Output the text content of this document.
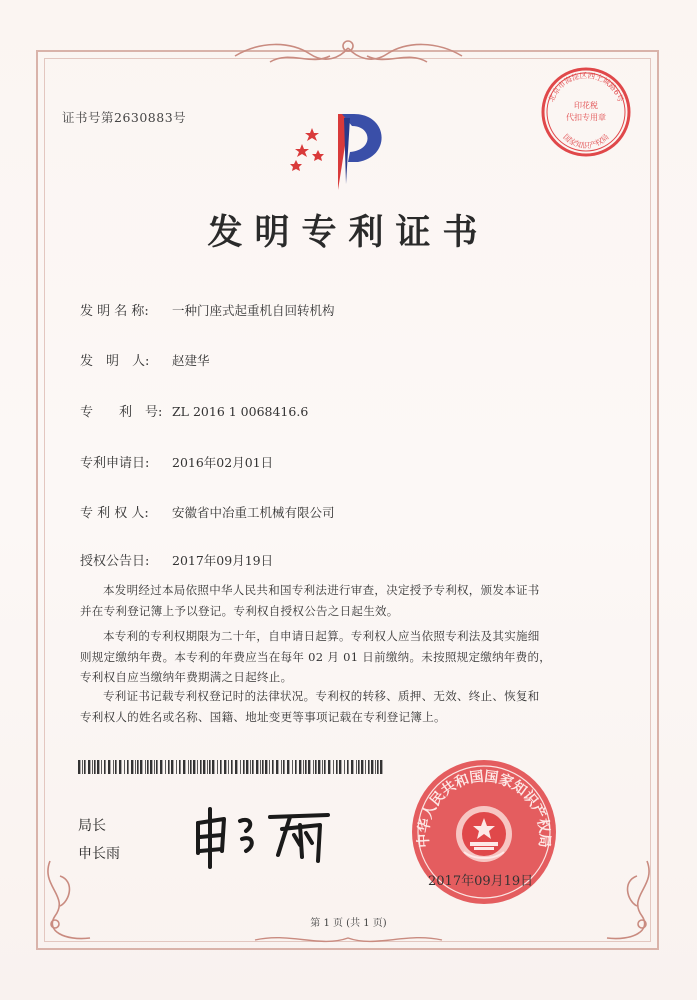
证书号第2630883号
发明专利证书
发 明 名 称: 一种门座式起重机自回转机构
发　明　人: 赵建华
专　　利　号: ZL 2016 1 0068416.6
专利申请日: 2016年02月01日
专 利 权 人: 安徽省中冶重工机械有限公司
授权公告日: 2017年09月19日
本发明经过本局依照中华人民共和国专利法进行审查，决定授予专利权，颁发本证书
并在专利登记簿上予以登记。专利权自授权公告之日起生效。
本专利的专利权期限为二十年，自申请日起算。专利权人应当依照专利法及其实施细
则规定缴纳年费。本专利的年费应当在每年 02 月 01 日前缴纳。未按照规定缴纳年费的，
专利权自应当缴纳年费期满之日起终止。
专利证书记载专利权登记时的法律状况。专利权的转移、质押、无效、终止、恢复和
专利权人的姓名或名称、国籍、地址变更等事项记载在专利登记簿上。
局长
申长雨
北京市海淀区西土城路6号
印花税
代扣专用章
国家知识产权局
中华人民共和国国家知识产权局
2017年09月19日
第 1 页 (共 1 页)
